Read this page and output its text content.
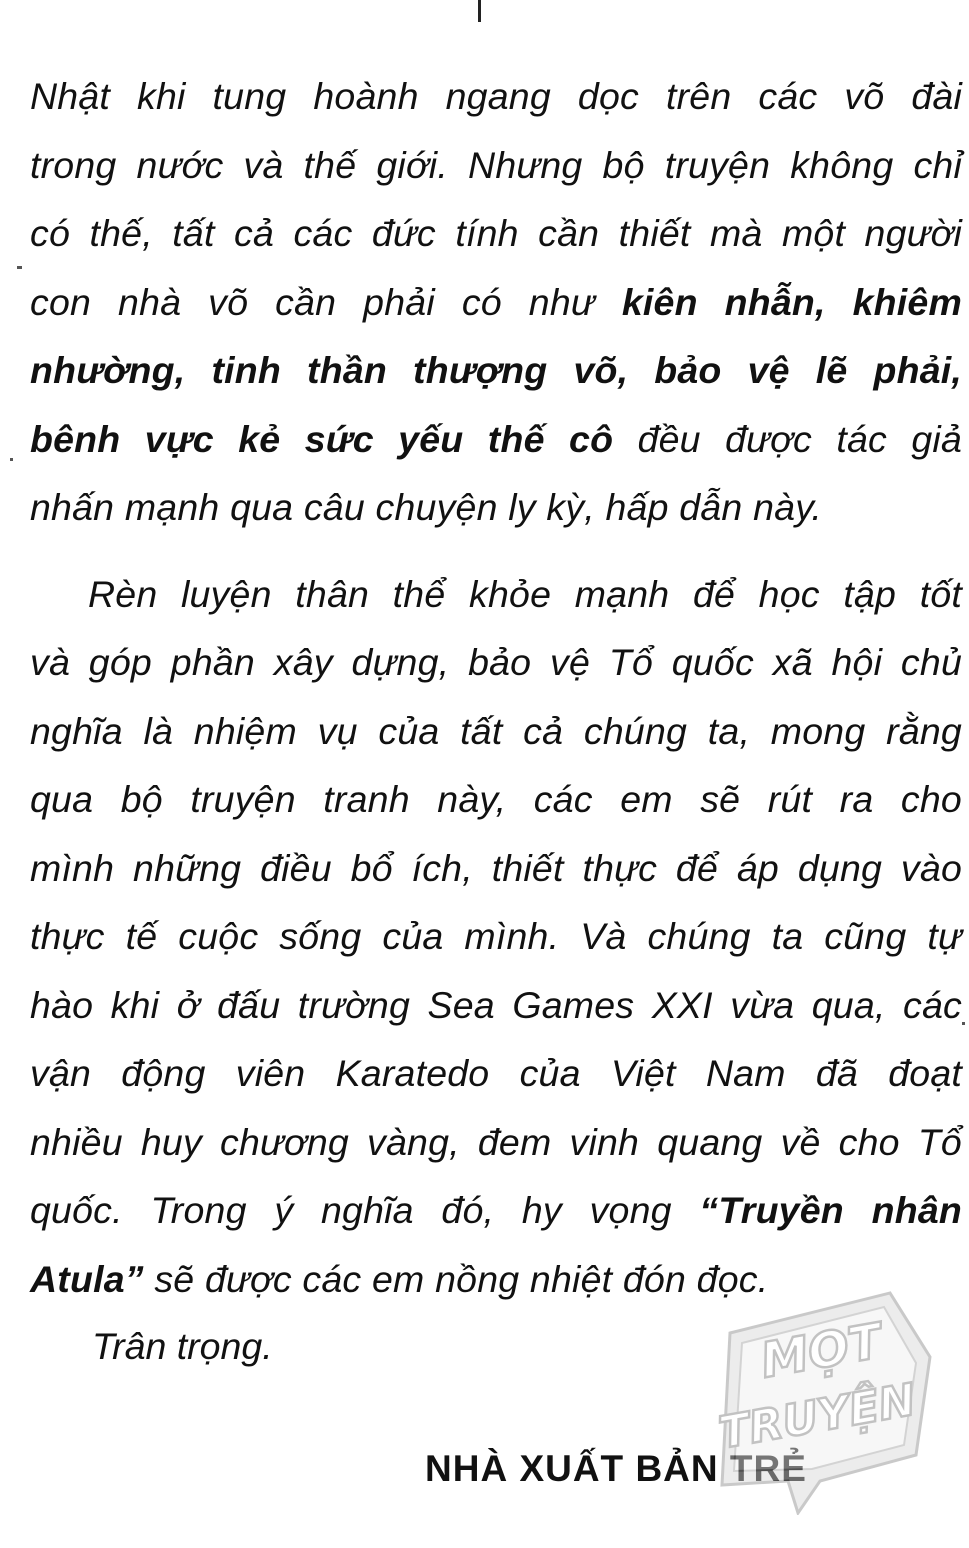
Nhật khi tung hoành ngang dọc trên các võ đài
trong nước và thế giới. Nhưng bộ truyện không chỉ
có thế, tất cả các đức tính cần thiết mà một người
con nhà võ cần phải có như kiên nhẫn, khiêm
nhường, tinh thần thượng võ, bảo vệ lẽ phải,
bênh vực kẻ sức yếu thế cô đều được tác giả
nhấn mạnh qua câu chuyện ly kỳ, hấp dẫn này.
Rèn luyện thân thể khỏe mạnh để học tập tốt
và góp phần xây dựng, bảo vệ Tổ quốc xã hội chủ
nghĩa là nhiệm vụ của tất cả chúng ta, mong rằng
qua bộ truyện tranh này, các em sẽ rút ra cho
mình những điều bổ ích, thiết thực để áp dụng vào
thực tế cuộc sống của mình. Và chúng ta cũng tự
hào khi ở đấu trường Sea Games XXI vừa qua, các
vận động viên Karatedo của Việt Nam đã đoạt
nhiều huy chương vàng, đem vinh quang về cho Tổ
quốc. Trong ý nghĩa đó, hy vọng “Truyền nhân
Atula” sẽ được các em nồng nhiệt đón đọc.
Trân trọng.
NHÀ XUẤT BẢN TRẺ
MỌT
TRUYỆN
